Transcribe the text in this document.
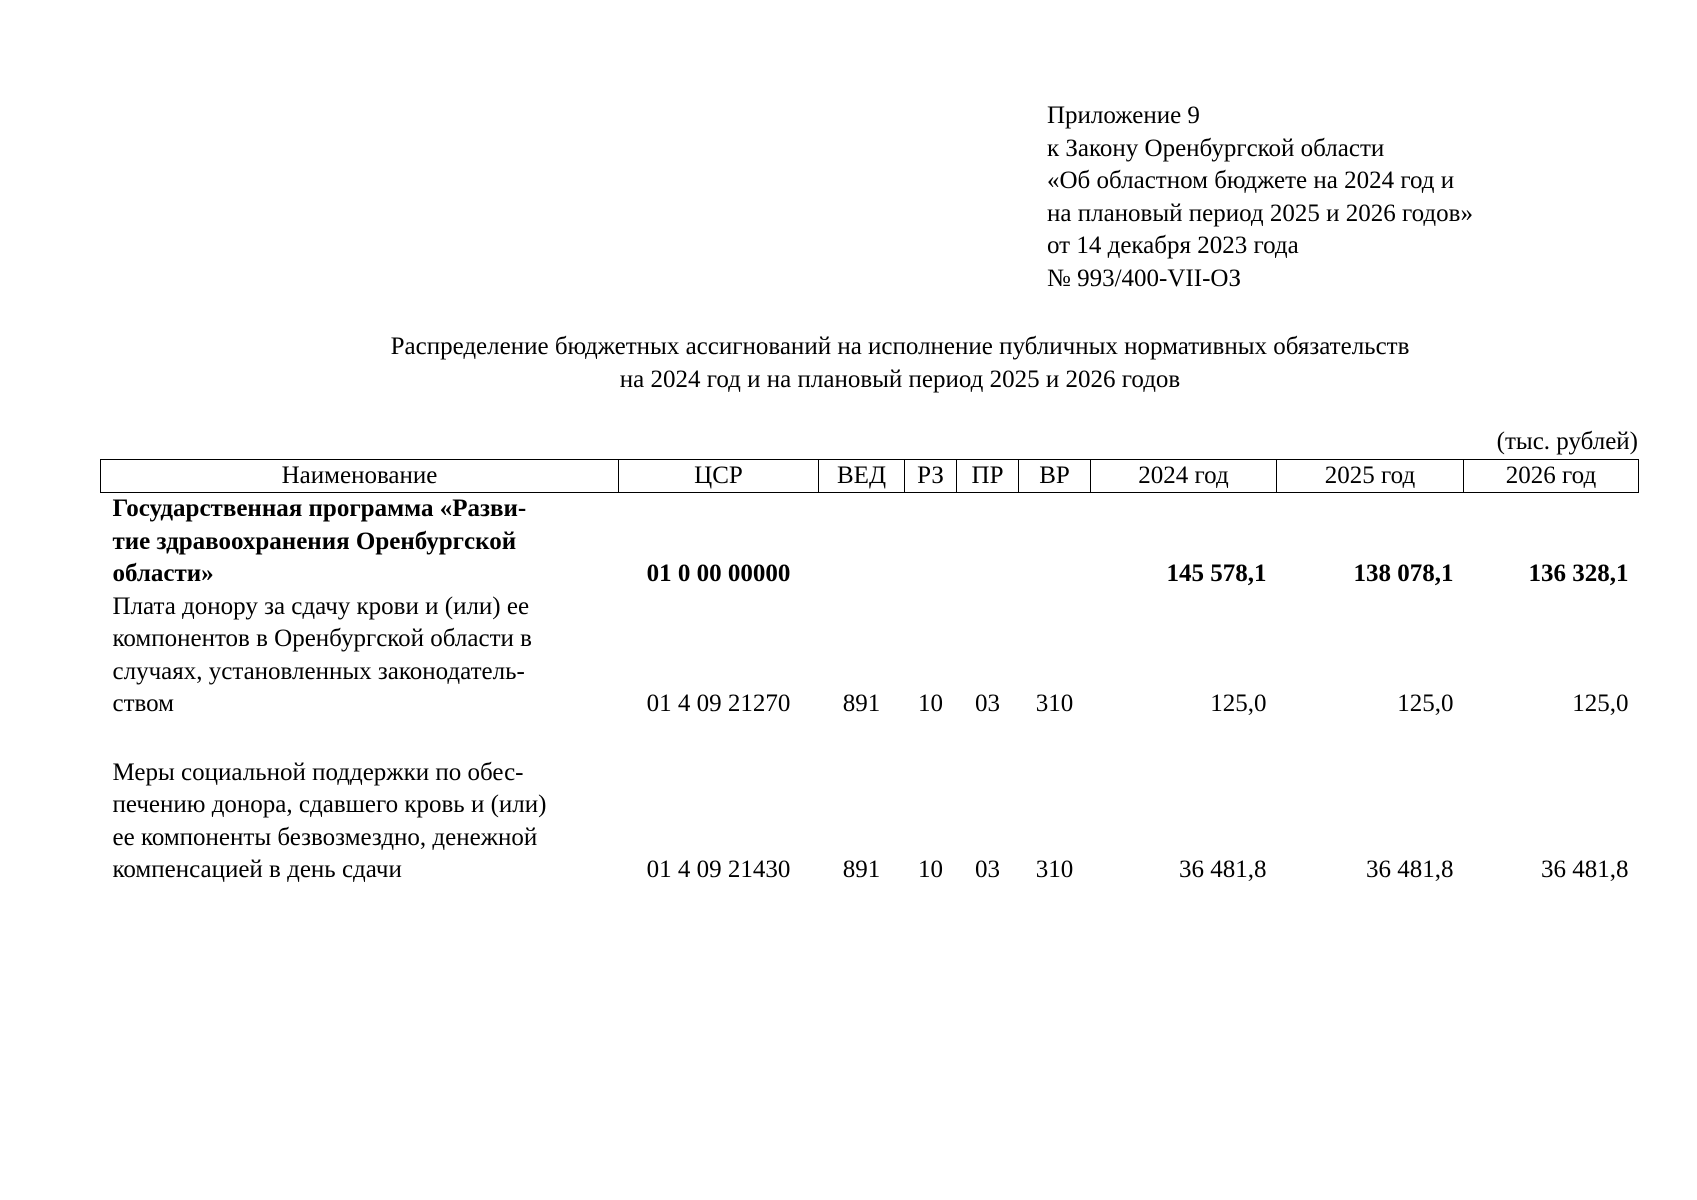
Приложение 9
к Закону Оренбургской области
«Об областном бюджете на 2024 год и
на плановый период 2025 и 2026 годов»
от 14 декабря 2023 года
№ 993/400-VII-ОЗ
Распределение бюджетных ассигнований на исполнение публичных нормативных обязательств
на 2024 год и на плановый период 2025 и 2026 годов
(тыс. рублей)
Наименование	ЦСР	ВЕД	РЗ	ПР	ВР	2024 год	2025 год	2026 год

Государственная программа «Разви-
тие здравоохранения Оренбургской
области»	01 0 00 00000					145 578,1	138 078,1	136 328,1

Плата донору за сдачу крови и (или) ее
компонентов в Оренбургской области в
случаях, установленных законодатель-
ством	01 4 09 21270	891	10	03	310	125,0	125,0	125,0

Меры социальной поддержки по обес-
печению донора, сдавшего кровь и (или)
ее компоненты безвозмездно, денежной
компенсацией в день сдачи	01 4 09 21430	891	10	03	310	36 481,8	36 481,8	36 481,8
